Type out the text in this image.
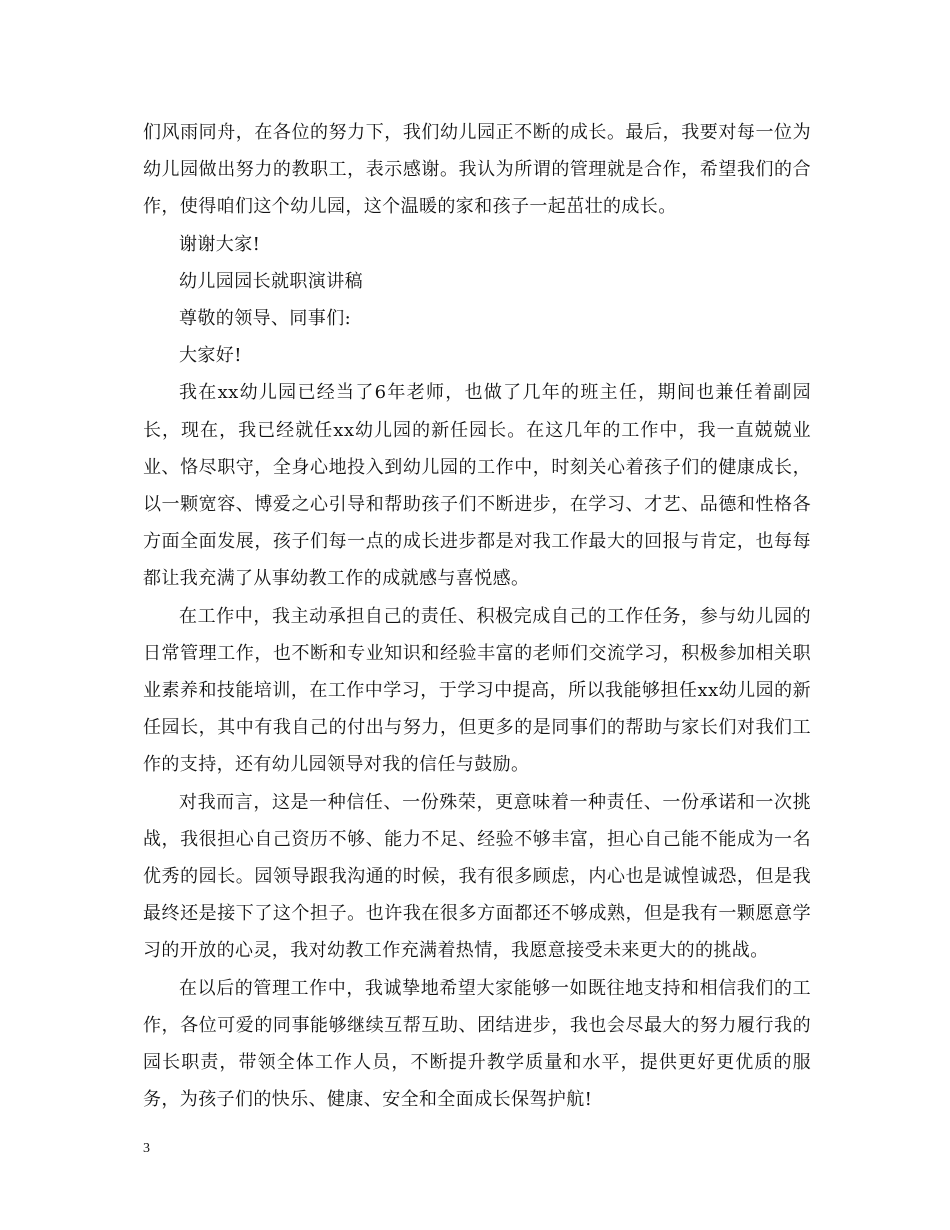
们风雨同舟，在各位的努力下，我们幼儿园正不断的成长。最后，我要对每一位为幼儿园做出努力的教职工，表示感谢。我认为所谓的管理就是合作，希望我们的合作，使得咱们这个幼儿园，这个温暖的家和孩子一起茁壮的成长。

谢谢大家!

幼儿园园长就职演讲稿

尊敬的领导、同事们:

大家好!

我在xx幼儿园已经当了6年老师，也做了几年的班主任，期间也兼任着副园长，现在，我已经就任xx幼儿园的新任园长。在这几年的工作中，我一直兢兢业业、恪尽职守，全身心地投入到幼儿园的工作中，时刻关心着孩子们的健康成长，以一颗宽容、博爱之心引导和帮助孩子们不断进步，在学习、才艺、品德和性格各方面全面发展，孩子们每一点的成长进步都是对我工作最大的回报与肯定，也每每都让我充满了从事幼教工作的成就感与喜悦感。

在工作中，我主动承担自己的责任、积极完成自己的工作任务，参与幼儿园的日常管理工作，也不断和专业知识和经验丰富的老师们交流学习，积极参加相关职业素养和技能培训，在工作中学习，于学习中提高，所以我能够担任xx幼儿园的新任园长，其中有我自己的付出与努力，但更多的是同事们的帮助与家长们对我们工作的支持，还有幼儿园领导对我的信任与鼓励。

对我而言，这是一种信任、一份殊荣，更意味着一种责任、一份承诺和一次挑战，我很担心自己资历不够、能力不足、经验不够丰富，担心自己能不能成为一名优秀的园长。园领导跟我沟通的时候，我有很多顾虑，内心也是诚惶诚恐，但是我最终还是接下了这个担子。也许我在很多方面都还不够成熟，但是我有一颗愿意学习的开放的心灵，我对幼教工作充满着热情，我愿意接受未来更大的的挑战。

在以后的管理工作中，我诚挚地希望大家能够一如既往地支持和相信我们的工作，各位可爱的同事能够继续互帮互助、团结进步，我也会尽最大的努力履行我的园长职责，带领全体工作人员，不断提升教学质量和水平，提供更好更优质的服务，为孩子们的快乐、健康、安全和全面成长保驾护航!

3
